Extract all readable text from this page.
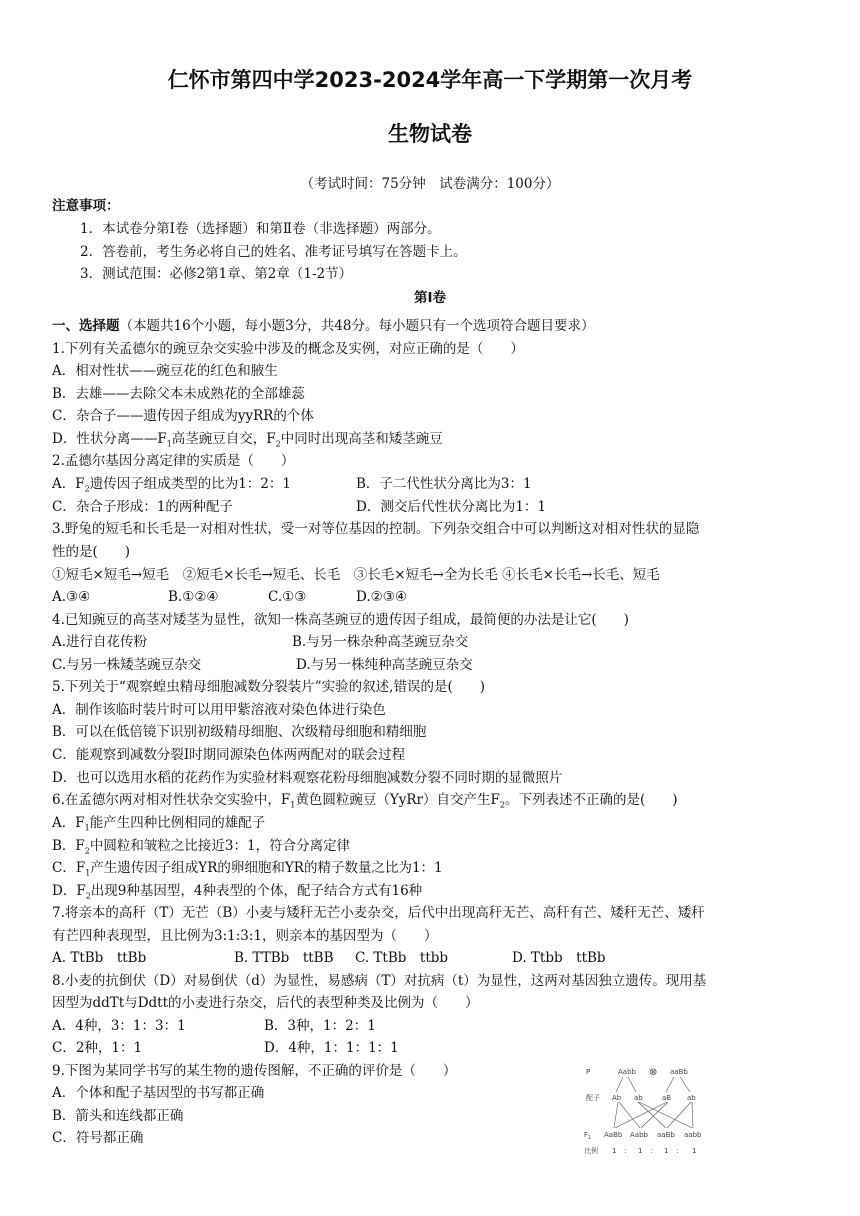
仁怀市第四中学2023-2024学年高一下学期第一次月考
生物试卷
（考试时间：75分钟　试卷满分：100分）
注意事项：
1．本试卷分第Ⅰ卷（选择题）和第Ⅱ卷（非选择题）两部分。
2．答卷前，考生务必将自己的姓名、准考证号填写在答题卡上。
3．测试范围：必修2第1章、第2章（1-2节）
第Ⅰ卷
一、选择题（本题共16个小题，每小题3分，共48分。每小题只有一个选项符合题目要求）
1.下列有关孟德尔的豌豆杂交实验中涉及的概念及实例，对应正确的是（　　）
A．相对性状——豌豆花的红色和腋生
B．去雄——去除父本未成熟花的全部雄蕊
C．杂合子——遗传因子组成为yyRR的个体
D．性状分离$——F_1$高茎豌豆自交，$F_2$中同时出现高茎和矮茎豌豆
2.孟德尔基因分离定律的实质是（　　）
A．$F_2$遗传因子组成类型的比为1：2：1	B．子二代性状分离比为3：1
C．杂合子形成：1的两种配子	D．测交后代性状分离比为1：1
3.野兔的短毛和长毛是一对相对性状，受一对等位基因的控制。下列杂交组合中可以判断这对相对性状的显隐
性的是(　　)
①短毛×短毛→短毛　②短毛×长毛→短毛、长毛　③长毛×短毛→全为长毛 ④长毛×长毛→长毛、短毛
A.③④	B.①②④	C.①③	D.②③④
4.已知豌豆的高茎对矮茎为显性，欲知一株高茎豌豆的遗传因子组成，最简便的办法是让它(　　)
A.进行自花传粉	B.与另一株杂种高茎豌豆杂交
C.与另一株矮茎豌豆杂交	D.与另一株纯种高茎豌豆杂交
5.下列关于“观察蝗虫精母细胞减数分裂装片”实验的叙述,错误的是(　　)
A．制作该临时装片时可以用甲紫溶液对染色体进行染色
B．可以在低倍镜下识别初级精母细胞、次级精母细胞和精细胞
C．能观察到减数分裂Ⅰ时期同源染色体两两配对的联会过程
D．也可以选用水稻的花药作为实验材料观察花粉母细胞减数分裂不同时期的显微照片
6.在孟德尔两对相对性状杂交实验中，$F_1$黄色圆粒豌豆（YyRr）自交产生$F_2$。下列表述不正确的是(　　)
A．$F_1$能产生四种比例相同的雄配子
B．$F_2$中圆粒和皱粒之比接近3：1，符合分离定律
C．$F_1$产生遗传因子组成YR的卵细胞和YR的精子数量之比为1：1
D．$F_2$出现9种基因型，4种表型的个体，配子结合方式有16种
7.将亲本的高秆（T）无芒（B）小麦与矮秆无芒小麦杂交，后代中出现高秆无芒、高秆有芒、矮秆无芒、矮秆
有芒四种表现型，且比例为3:1:3:1，则亲本的基因型为（　　）
A. TtBb　ttBb	B. TTBb　ttBB C. TtBb　ttbb	D. Ttbb　ttBb
8.小麦的抗倒伏（D）对易倒伏（d）为显性，易感病（T）对抗病（t）为显性，这两对基因独立遗传。现用基
因型为ddTt与Ddtt的小麦进行杂交，后代的表型种类及比例为（　　）
A．4种，3：1：3：1	B．3种，1：2：1
C．2种，1：1	D．4种，1：1：1：1
9.下图为某同学书写的某生物的遗传图解，不正确的评价是（　　）
A．个体和配子基因型的书写都正确
B．箭头和连线都正确
C．符号都正确
P	Aabb ⊗ aaBb
配子 Ab ab	aB ab
$F_1$ AaBb Aabb aaBb aabb
比例 1 ： 1 ： 1 ： 1
